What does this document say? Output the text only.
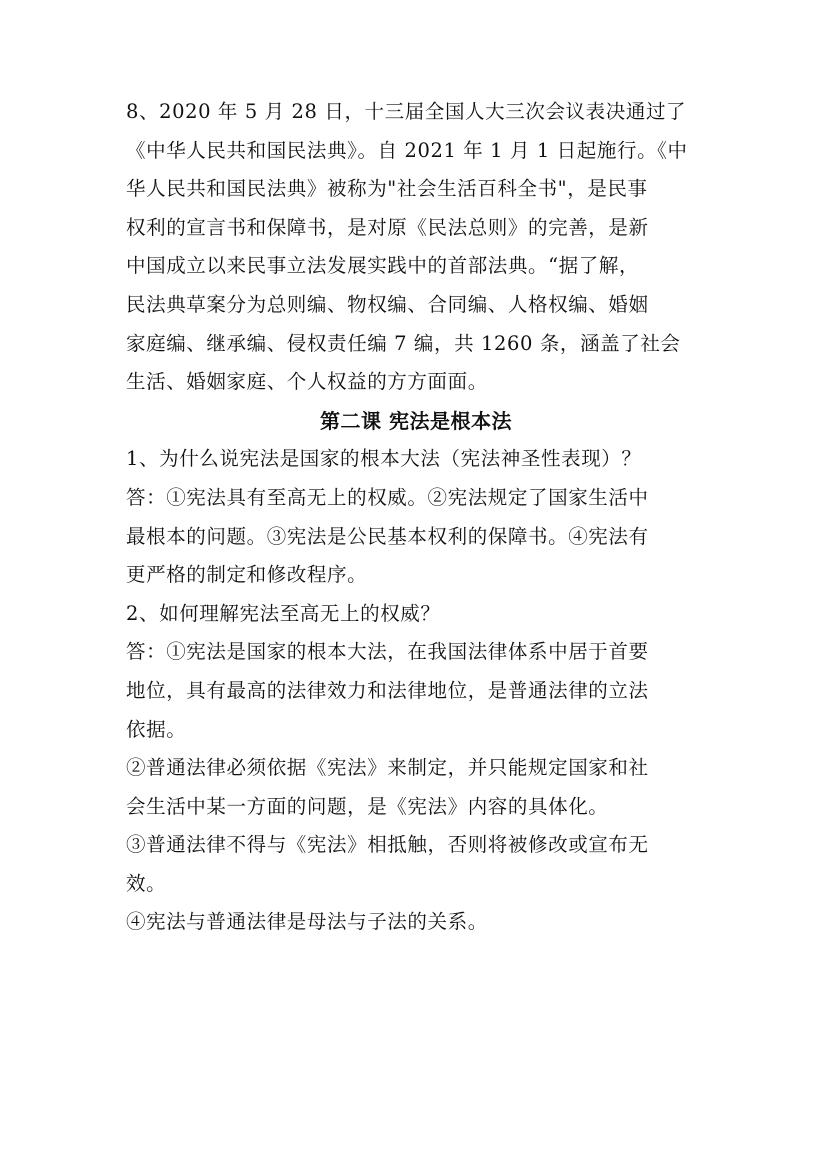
8、2020 年 5 月 28 日，十三届全国人大三次会议表决通过了

《中华人民共和国民法典》。自 2021 年 1 月 1 日起施行。《中

华人民共和国民法典》被称为"社会生活百科全书"，是民事

权利的宣言书和保障书，是对原《民法总则》的完善，是新

中国成立以来民事立法发展实践中的首部法典。“据了解，

民法典草案分为总则编、物权编、合同编、人格权编、婚姻

家庭编、继承编、侵权责任编 7 编，共 1260 条，涵盖了社会

生活、婚姻家庭、个人权益的方方面面。

第二课 宪法是根本法

1、为什么说宪法是国家的根本大法（宪法神圣性表现）？

答：①宪法具有至高无上的权威。②宪法规定了国家生活中

最根本的问题。③宪法是公民基本权利的保障书。④宪法有

更严格的制定和修改程序。

2、如何理解宪法至高无上的权威？

答：①宪法是国家的根本大法，在我国法律体系中居于首要

地位，具有最高的法律效力和法律地位，是普通法律的立法

依据。

②普通法律必须依据《宪法》来制定，并只能规定国家和社

会生活中某一方面的问题，是《宪法》内容的具体化。

③普通法律不得与《宪法》相抵触，否则将被修改或宣布无

效。

④宪法与普通法律是母法与子法的关系。
